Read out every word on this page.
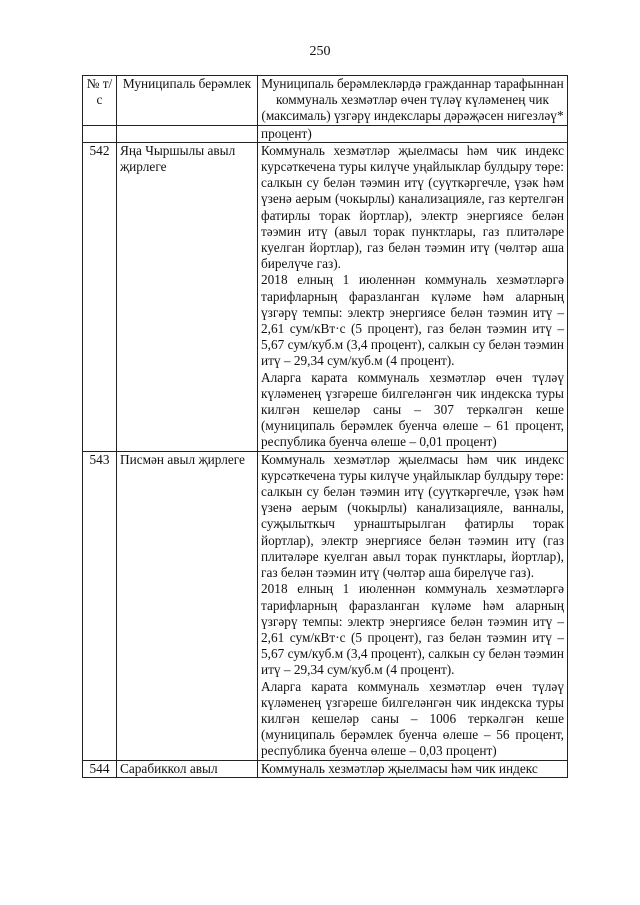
250
№ т/с	Муниципаль берәмлек	Муниципаль берәмлекләрдә гражданнар тарафыннан коммуналь хезмәтләр өчен түләү күләменең чик (максималь) үзгәрү индекслары дәрәҗәсен нигезләү*
		процент)
542	Яңа Чыршылы авыл җирлеге	Коммуналь хезмәтләр җыелмасы һәм чик индекс курсәткечена туры килүче уңайлыклар булдыру төре: салкын су белән тәэмин итү (суүткәргечле, үзәк һәм үзенә аерым (чокырлы) канализацияле, газ кертелгән фатирлы торак йортлар), электр энергиясе белән тәэмин итү (авыл торак пунктлары, газ плитәләре куелган йортлар), газ белән тәэмин итү (чөлтәр аша бирелүче газ).
2018 елның 1 июленнән коммуналь хезмәтләргә тарифларның фаразланган күләме һәм аларның үзгәрү темпы: электр энергиясе белән тәэмин итү – 2,61 сум/кВт·с (5 процент), газ белән тәэмин итү – 5,67 сум/куб.м (3,4 процент), салкын су белән тәэмин итү – 29,34 сум/куб.м (4 процент).
Аларга карата коммуналь хезмәтләр өчен түләү күләменең үзгәреше билгеләнгән чик индекска туры килгән кешеләр саны – 307 теркәлгән кеше (муниципаль берәмлек буенча өлеше – 61 процент, республика буенча өлеше – 0,01 процент)

543	Писмән авыл җирлеге	Коммуналь хезмәтләр җыелмасы һәм чик индекс курсәткечена туры килүче уңайлыклар булдыру төре: салкын су белән тәэмин итү (суүткәргечле, үзәк һәм үзенә аерым (чокырлы) канализацияле, ванналы, суҗылыткыч урнаштырылган фатирлы торак йортлар), электр энергиясе белән тәэмин итү (газ плитәләре куелган авыл торак пунктлары, йортлар), газ белән тәэмин итү (чөлтәр аша бирелүче газ).
2018 елның 1 июленнән коммуналь хезмәтләргә тарифларның фаразланган күләме һәм аларның үзгәрү темпы: электр энергиясе белән тәэмин итү – 2,61 сум/кВт·с (5 процент), газ белән тәэмин итү – 5,67 сум/куб.м (3,4 процент), салкын су белән тәэмин итү – 29,34 сум/куб.м (4 процент).
Аларга карата коммуналь хезмәтләр өчен түләү күләменең үзгәреше билгеләнгән чик индекска туры килгән кешеләр саны – 1006 теркәлгән кеше (муниципаль берәмлек буенча өлеше – 56 процент, республика буенча өлеше – 0,03 процент)

544	Сарабиккол авыл	Коммуналь хезмәтләр җыелмасы һәм чик индекс
